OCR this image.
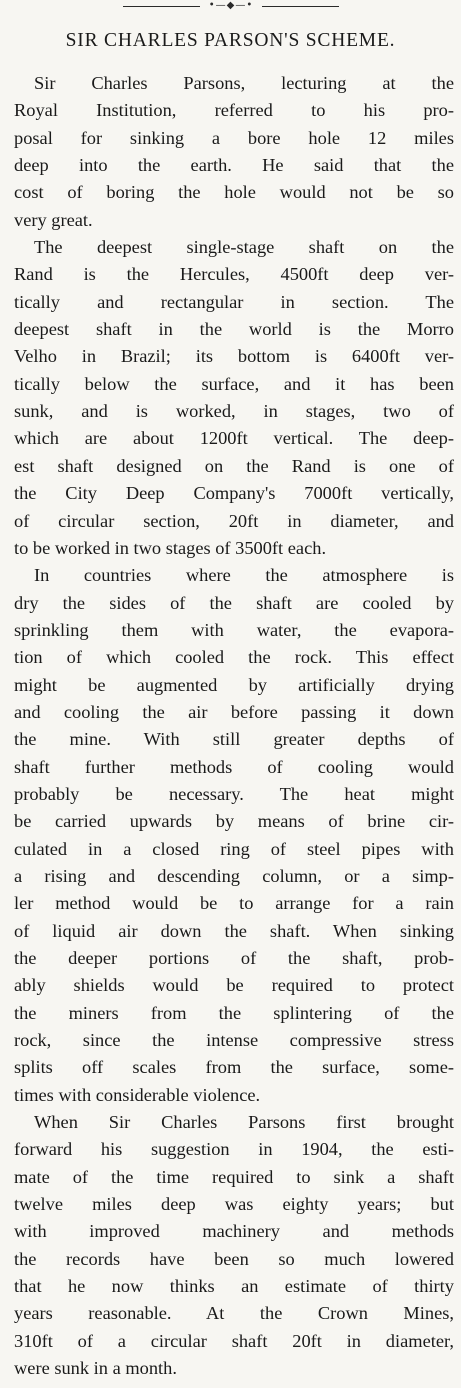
•—◆—•
SIR CHARLES PARSON'S SCHEME.
Sir Charles Parsons, lecturing at the
Royal Institution, referred to his pro-
posal for sinking a bore hole 12 miles
deep into the earth. He said that the
cost of boring the hole would not be so
very great.
The deepest single-stage shaft on the
Rand is the Hercules, 4500ft deep ver-
tically and rectangular in section. The
deepest shaft in the world is the Morro
Velho in Brazil; its bottom is 6400ft ver-
tically below the surface, and it has been
sunk, and is worked, in stages, two of
which are about 1200ft vertical. The deep-
est shaft designed on the Rand is one of
the City Deep Company's 7000ft vertically,
of circular section, 20ft in diameter, and
to be worked in two stages of 3500ft each.
In countries where the atmosphere is
dry the sides of the shaft are cooled by
sprinkling them with water, the evapora-
tion of which cooled the rock. This effect
might be augmented by artificially drying
and cooling the air before passing it down
the mine. With still greater depths of
shaft further methods of cooling would
probably be necessary. The heat might
be carried upwards by means of brine cir-
culated in a closed ring of steel pipes with
a rising and descending column, or a simp-
ler method would be to arrange for a rain
of liquid air down the shaft. When sinking
the deeper portions of the shaft, prob-
ably shields would be required to protect
the miners from the splintering of the
rock, since the intense compressive stress
splits off scales from the surface, some-
times with considerable violence.
When Sir Charles Parsons first brought
forward his suggestion in 1904, the esti-
mate of the time required to sink a shaft
twelve miles deep was eighty years; but
with improved machinery and methods
the records have been so much lowered
that he now thinks an estimate of thirty
years reasonable. At the Crown Mines,
310ft of a circular shaft 20ft in diameter,
were sunk in a month.
